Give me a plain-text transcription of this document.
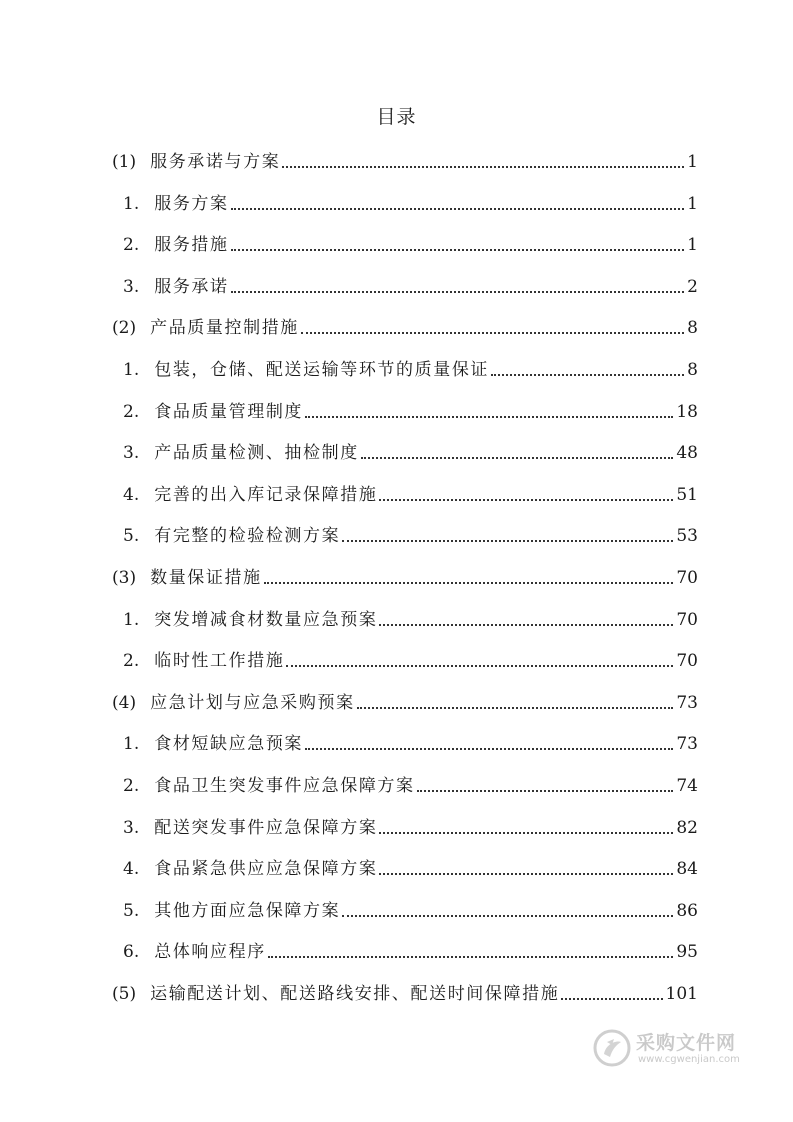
目录
(1) 服务承诺与方案	1
1. 服务方案	1
2. 服务措施	1
3. 服务承诺	2
(2) 产品质量控制措施	8
1. 包装，仓储、配送运输等环节的质量保证	8
2. 食品质量管理制度	18
3. 产品质量检测、抽检制度	48
4. 完善的出入库记录保障措施	51
5. 有完整的检验检测方案	53
(3) 数量保证措施	70
1. 突发增减食材数量应急预案	70
2. 临时性工作措施	70
(4) 应急计划与应急采购预案	73
1. 食材短缺应急预案	73
2. 食品卫生突发事件应急保障方案	74
3. 配送突发事件应急保障方案	82
4. 食品紧急供应应急保障方案	84
5. 其他方面应急保障方案	86
6. 总体响应程序	95
(5) 运输配送计划、配送路线安排、配送时间保障措施	101
采购文件网
www.cgwenjian.com
